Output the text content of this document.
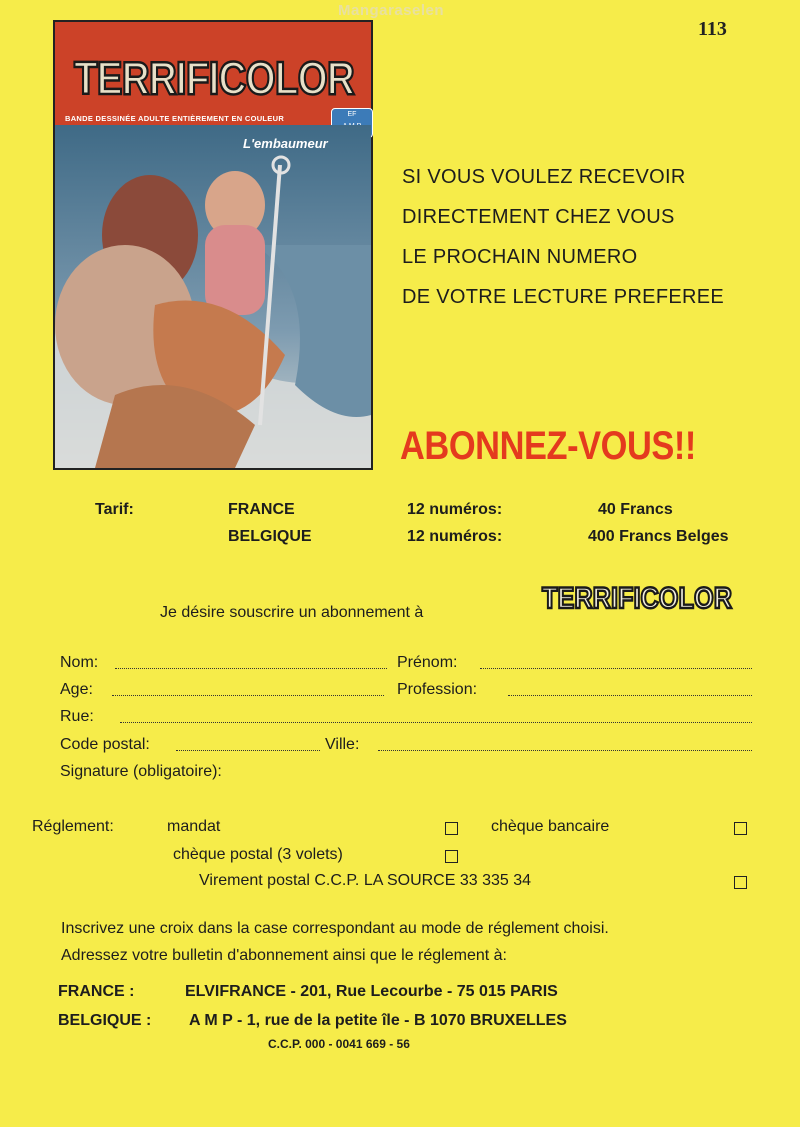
Mangaraselen
113
TERRIFICOLOR
BANDE DESSINÉE ADULTE ENTIÈREMENT EN COULEUR	EF
L'embaumeur
SI VOUS VOULEZ RECEVOIR
DIRECTEMENT CHEZ VOUS
LE PROCHAIN NUMERO
DE VOTRE LECTURE PREFEREE
ABONNEZ-VOUS!!
Tarif:	FRANCE	12 numéros:	40 Francs
BELGIQUE	12 numéros:	400 Francs Belges
Je désire souscrire un abonnement à	TERRIFICOLOR
Nom:	Prénom:
Age:	Profession:
Rue:
Code postal:	Ville:
Signature (obligatoire):
Réglement:	mandat	chèque bancaire
chèque postal (3 volets)
Virement postal C.C.P. LA SOURCE 33 335 34
Inscrivez une croix dans la case correspondant au mode de réglement choisi.
Adressez votre bulletin d'abonnement ainsi que le réglement à:
FRANCE :	ELVIFRANCE - 201, Rue Lecourbe - 75 015 PARIS
BELGIQUE : A M P - 1, rue de la petite île - B 1070 BRUXELLES
C.C.P. 000 - 0041 669 - 56
